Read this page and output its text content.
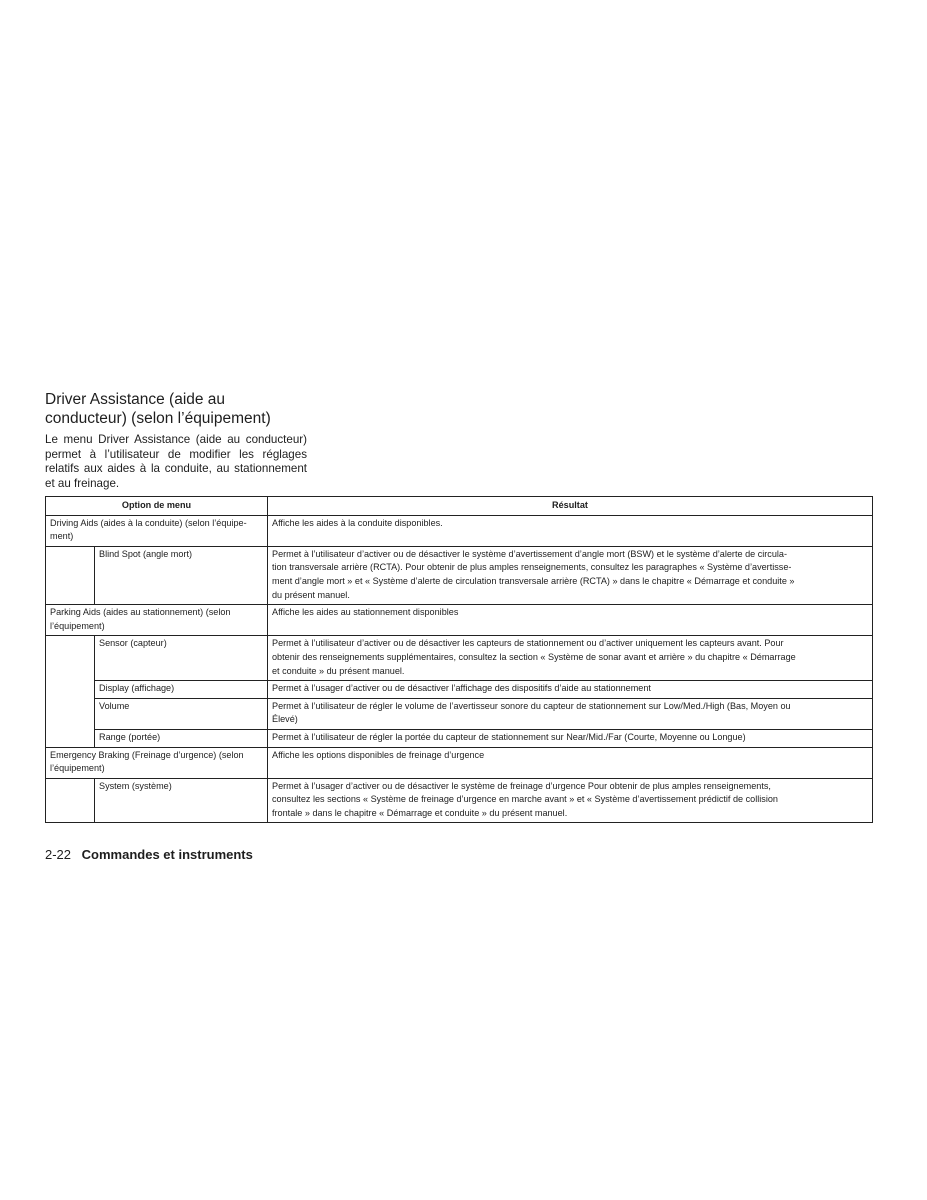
Driver Assistance (aide au
conducteur) (selon l’équipement)

Le menu Driver Assistance (aide au conducteur)
permet à l’utilisateur de modifier les réglages
relatifs aux aides à la conduite, au stationnement
et au freinage.

Option de menu		Résultat
Driving Aids (aides à la conduite) (selon l’équipe-
ment)		Affiche les aides à la conduite disponibles.
	Blind Spot (angle mort)	Permet à l’utilisateur d’activer ou de désactiver le système d’avertissement d’angle mort (BSW) et le système d’alerte de circula-
tion transversale arrière (RCTA). Pour obtenir de plus amples renseignements, consultez les paragraphes « Système d’avertisse-
ment d’angle mort » et « Système d’alerte de circulation transversale arrière (RCTA) » dans le chapitre « Démarrage et conduite »
du présent manuel.
Parking Aids (aides au stationnement) (selon
l’équipement)		Affiche les aides au stationnement disponibles
	Sensor (capteur)	Permet à l’utilisateur d’activer ou de désactiver les capteurs de stationnement ou d’activer uniquement les capteurs avant. Pour
obtenir des renseignements supplémentaires, consultez la section « Système de sonar avant et arrière » du chapitre « Démarrage
et conduite » du présent manuel.
	Display (affichage)	Permet à l’usager d’activer ou de désactiver l’affichage des dispositifs d’aide au stationnement
	Volume	Permet à l’utilisateur de régler le volume de l’avertisseur sonore du capteur de stationnement sur Low/Med./High (Bas, Moyen ou
Élevé)
	Range (portée)	Permet à l’utilisateur de régler la portée du capteur de stationnement sur Near/Mid./Far (Courte, Moyenne ou Longue)
Emergency Braking (Freinage d’urgence) (selon
l’équipement)		Affiche les options disponibles de freinage d’urgence
	System (système)	Permet à l’usager d’activer ou de désactiver le système de freinage d’urgence Pour obtenir de plus amples renseignements,
consultez les sections « Système de freinage d’urgence en marche avant » et « Système d’avertissement prédictif de collision
frontale » dans le chapitre « Démarrage et conduite » du présent manuel.
2-22 Commandes et instruments
